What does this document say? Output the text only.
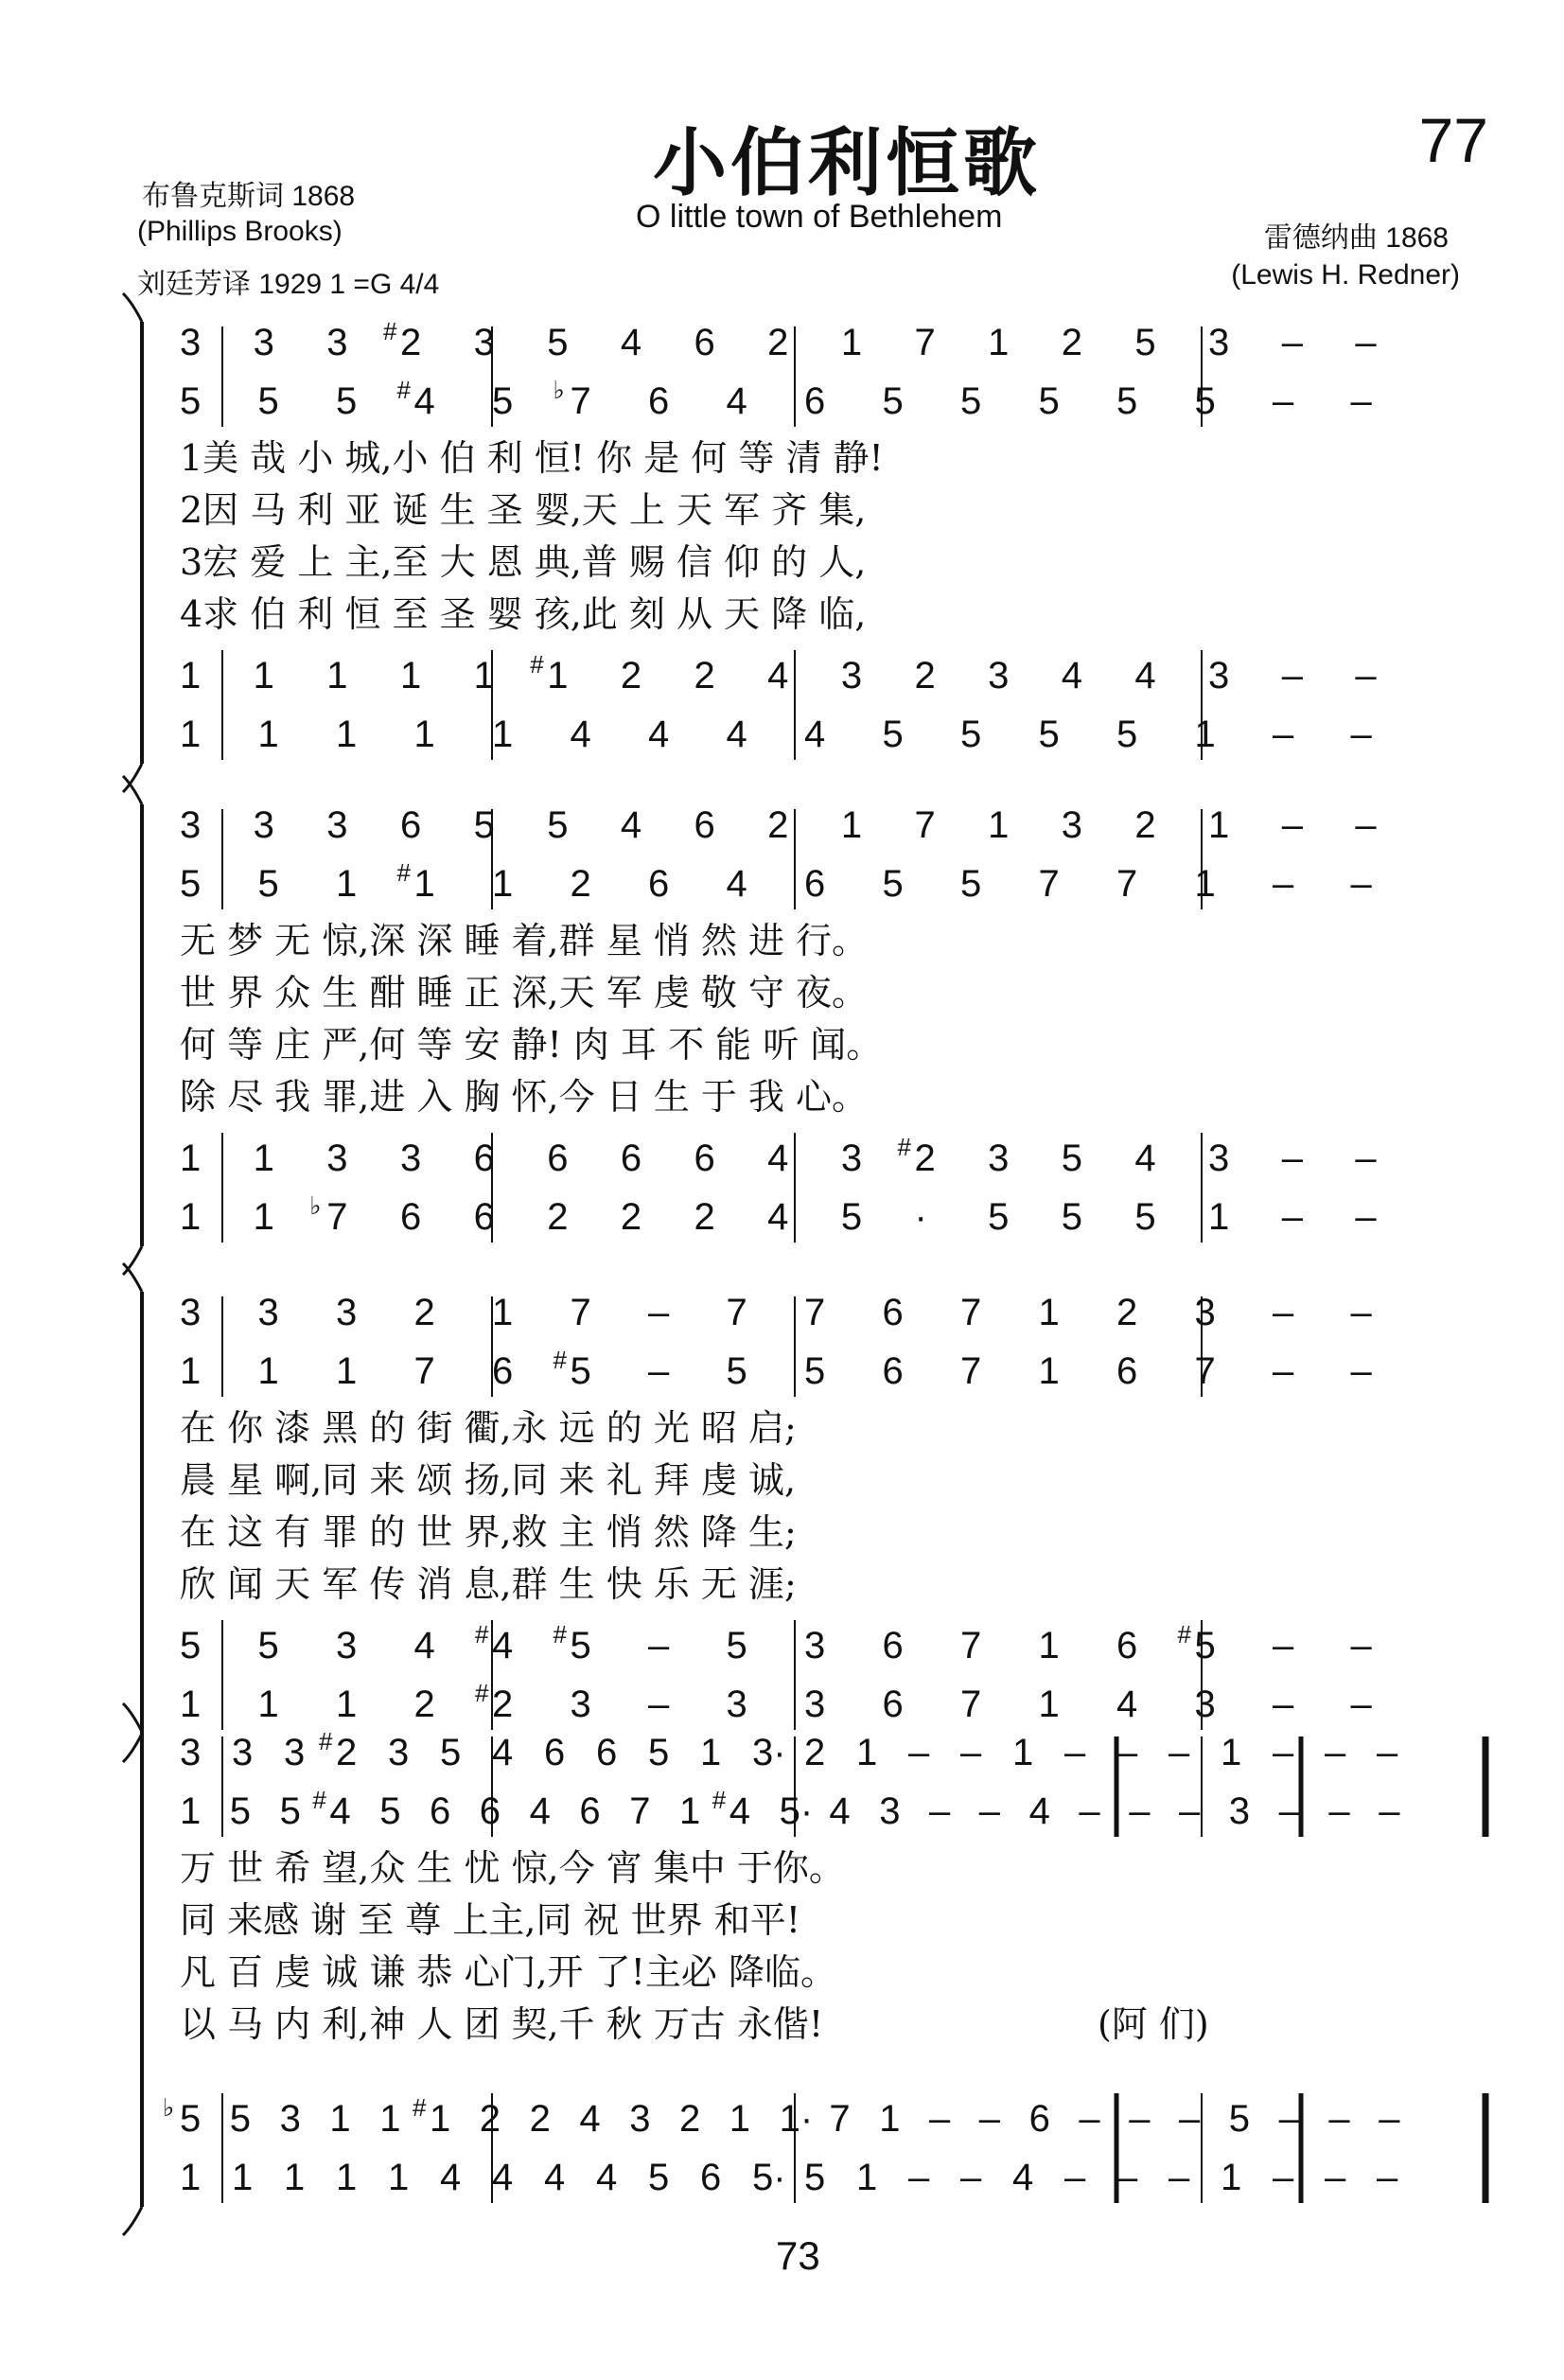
小伯利恒歌
O little town of Bethlehem
77
布鲁克斯词 1868
(Phillips Brooks)
刘廷芳译 1929 1 =G 4/4
雷德纳曲 1868
(Lewis H. Redner)
3 3 3 # 2 3 5 4 6 2 1 7 1 2 5 3 – –
5 5 5 # 4 5 ♭ 7 6 4 6 5 5 5 5 5 – –
1美 哉 小 城,小 伯 利 恒! 你 是 何 等 清 静!
2因 马 利 亚 诞 生 圣 婴,天 上 天 军 齐 集,
3宏 爱 上 主,至 大 恩 典,普 赐 信 仰 的 人,
4求 伯 利 恒 至 圣 婴 孩,此 刻 从 天 降 临,
1 1 1 1 1 # 1 2 2 4 3 2 3 4 4 3 – –
1 1 1 1 1 4 4 4 4 5 5 5 5 1 – –
3 3 3 6 5 5 4 6 2 1 7 1 3 2 1 – –
5 5 1 # 1 1 2 6 4 6 5 5 7 7 1 – –
无 梦 无 惊,深 深 睡 着,群 星 悄 然 进 行。
世 界 众 生 酣 睡 正 深,天 军 虔 敬 守 夜。
何 等 庄 严,何 等 安 静! 肉 耳 不 能 听 闻。
除 尽 我 罪,进 入 胸 怀,今 日 生 于 我 心。
1 1 3 3 6 6 6 6 4 3 # 2 3 5 4 3 – –
1 1 ♭ 7 6 6 2 2 2 4 5 · 5 5 5 1 – –
3 3 3 2 1 7 – 7 7 6 7 1 2 3 – –
1 1 1 7 6 # 5 – 5 5 6 7 1 6 7 – –
在 你 漆 黑 的 街 衢,永 远 的 光 昭 启;
晨 星 啊,同 来 颂 扬,同 来 礼 拜 虔 诚,
在 这 有 罪 的 世 界,救 主 悄 然 降 生;
欣 闻 天 军 传 消 息,群 生 快 乐 无 涯;
5 5 3 4 # 4 # 5 – 5 3 6 7 1 6 # 5 – –
1 1 1 2 # 2 3 – 3 3 6 7 1 4 3 – –
3 3 3 # 2 3 5 4 6 6 5 1 3· 2 1 – – 1 – – – 1 – – –
1 5 5 # 4 5 6 6 4 6 7 1 # 4 5· 4 3 – – 4 – – – 3 – – –
万 世 希 望,众 生 忧 惊,今 宵 集中 于你。
同 来感 谢 至 尊 上主,同 祝 世界 和平!
凡 百 虔 诚 谦 恭 心门,开 了!主必 降临。
以 马 内 利,神 人 团 契,千 秋 万古 永偕!	(阿 们)
♭ 5 5 3 1 1 # 1 2 2 4 3 2 1 1· 7 1 – – 6 – – – 5 – – –
1 1 1 1 1 4 4 4 4 5 6 5· 5 1 – – 4 – – – 1 – – –
73
